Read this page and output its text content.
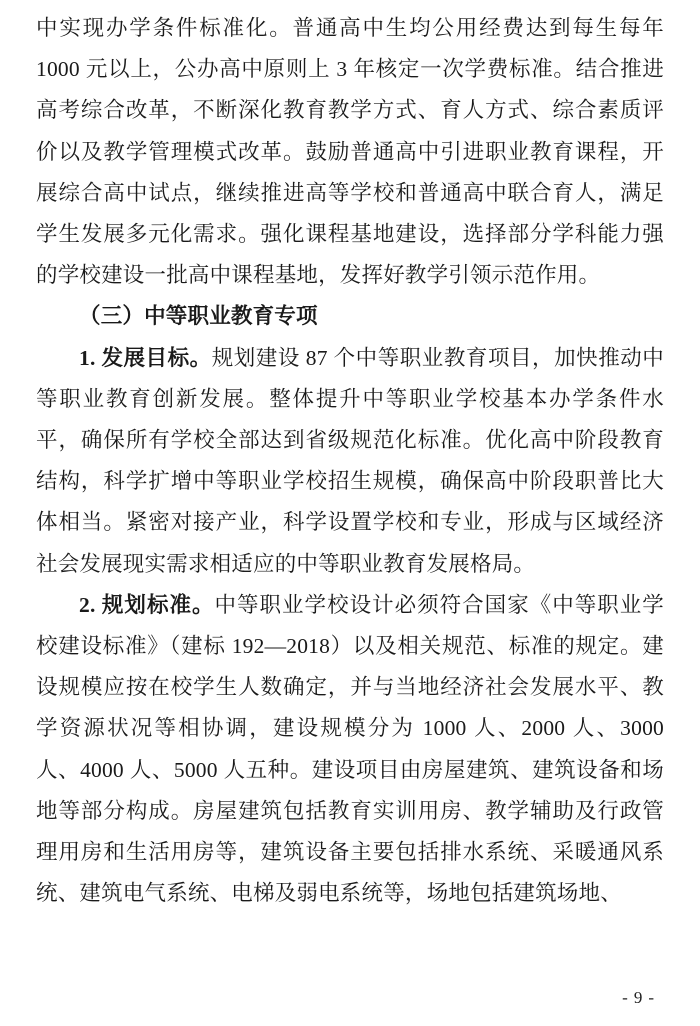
中实现办学条件标准化。普通高中生均公用经费达到每生每年 1000 元以上，公办高中原则上 3 年核定一次学费标准。结合推进高考综合改革，不断深化教育教学方式、育人方式、综合素质评价以及教学管理模式改革。鼓励普通高中引进职业教育课程，开展综合高中试点，继续推进高等学校和普通高中联合育人，满足学生发展多元化需求。强化课程基地建设，选择部分学科能力强的学校建设一批高中课程基地，发挥好教学引领示范作用。

（三）中等职业教育专项

1. 发展目标。规划建设 87 个中等职业教育项目，加快推动中等职业教育创新发展。整体提升中等职业学校基本办学条件水平，确保所有学校全部达到省级规范化标准。优化高中阶段教育结构，科学扩增中等职业学校招生规模，确保高中阶段职普比大体相当。紧密对接产业，科学设置学校和专业，形成与区域经济社会发展现实需求相适应的中等职业教育发展格局。

2. 规划标准。中等职业学校设计必须符合国家《中等职业学校建设标准》（建标 192—2018）以及相关规范、标准的规定。建设规模应按在校学生人数确定，并与当地经济社会发展水平、教学资源状况等相协调，建设规模分为 1000 人、2000 人、3000 人、4000 人、5000 人五种。建设项目由房屋建筑、建筑设备和场地等部分构成。房屋建筑包括教育实训用房、教学辅助及行政管理用房和生活用房等，建筑设备主要包括排水系统、采暖通风系统、建筑电气系统、电梯及弱电系统等，场地包括建筑场地、

- 9 -
